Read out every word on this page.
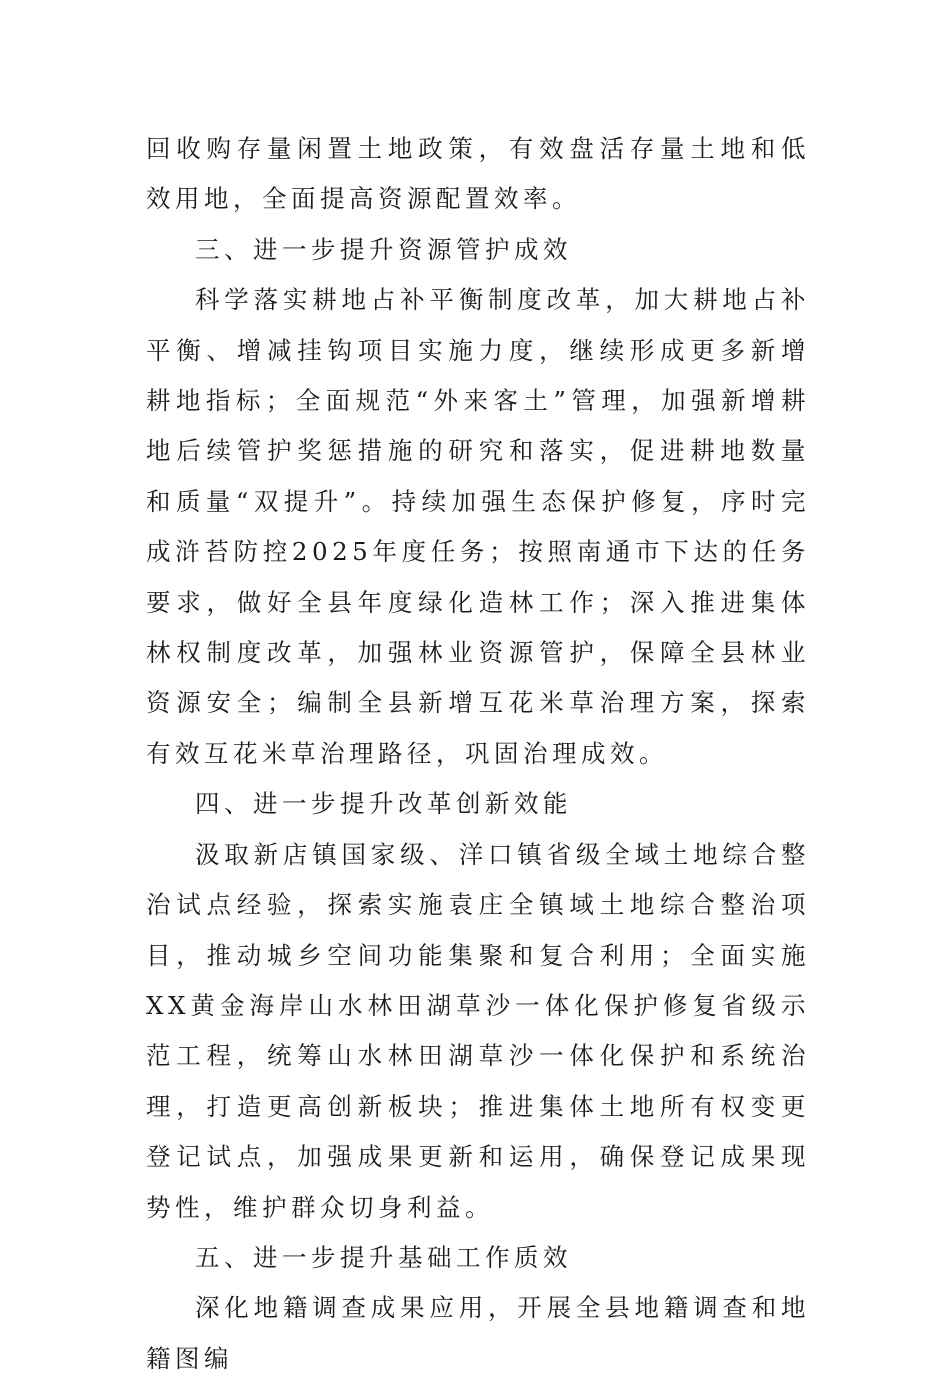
回收购存量闲置土地政策，有效盘活存量土地和低效用地，全面提高资源配置效率。

三、进一步提升资源管护成效

科学落实耕地占补平衡制度改革，加大耕地占补平衡、增减挂钩项目实施力度，继续形成更多新增耕地指标；全面规范“外来客土”管理，加强新增耕地后续管护奖惩措施的研究和落实，促进耕地数量和质量“双提升”。持续加强生态保护修复，序时完成浒苔防控2025年度任务；按照南通市下达的任务要求，做好全县年度绿化造林工作；深入推进集体林权制度改革，加强林业资源管护，保障全县林业资源安全；编制全县新增互花米草治理方案，探索有效互花米草治理路径，巩固治理成效。

四、进一步提升改革创新效能

汲取新店镇国家级、洋口镇省级全域土地综合整治试点经验，探索实施袁庄全镇域土地综合整治项目，推动城乡空间功能集聚和复合利用；全面实施XX黄金海岸山水林田湖草沙一体化保护修复省级示范工程，统筹山水林田湖草沙一体化保护和系统治理，打造更高创新板块；推进集体土地所有权变更登记试点，加强成果更新和运用，确保登记成果现势性，维护群众切身利益。

五、进一步提升基础工作质效

深化地籍调查成果应用，开展全县地籍调查和地籍图编
